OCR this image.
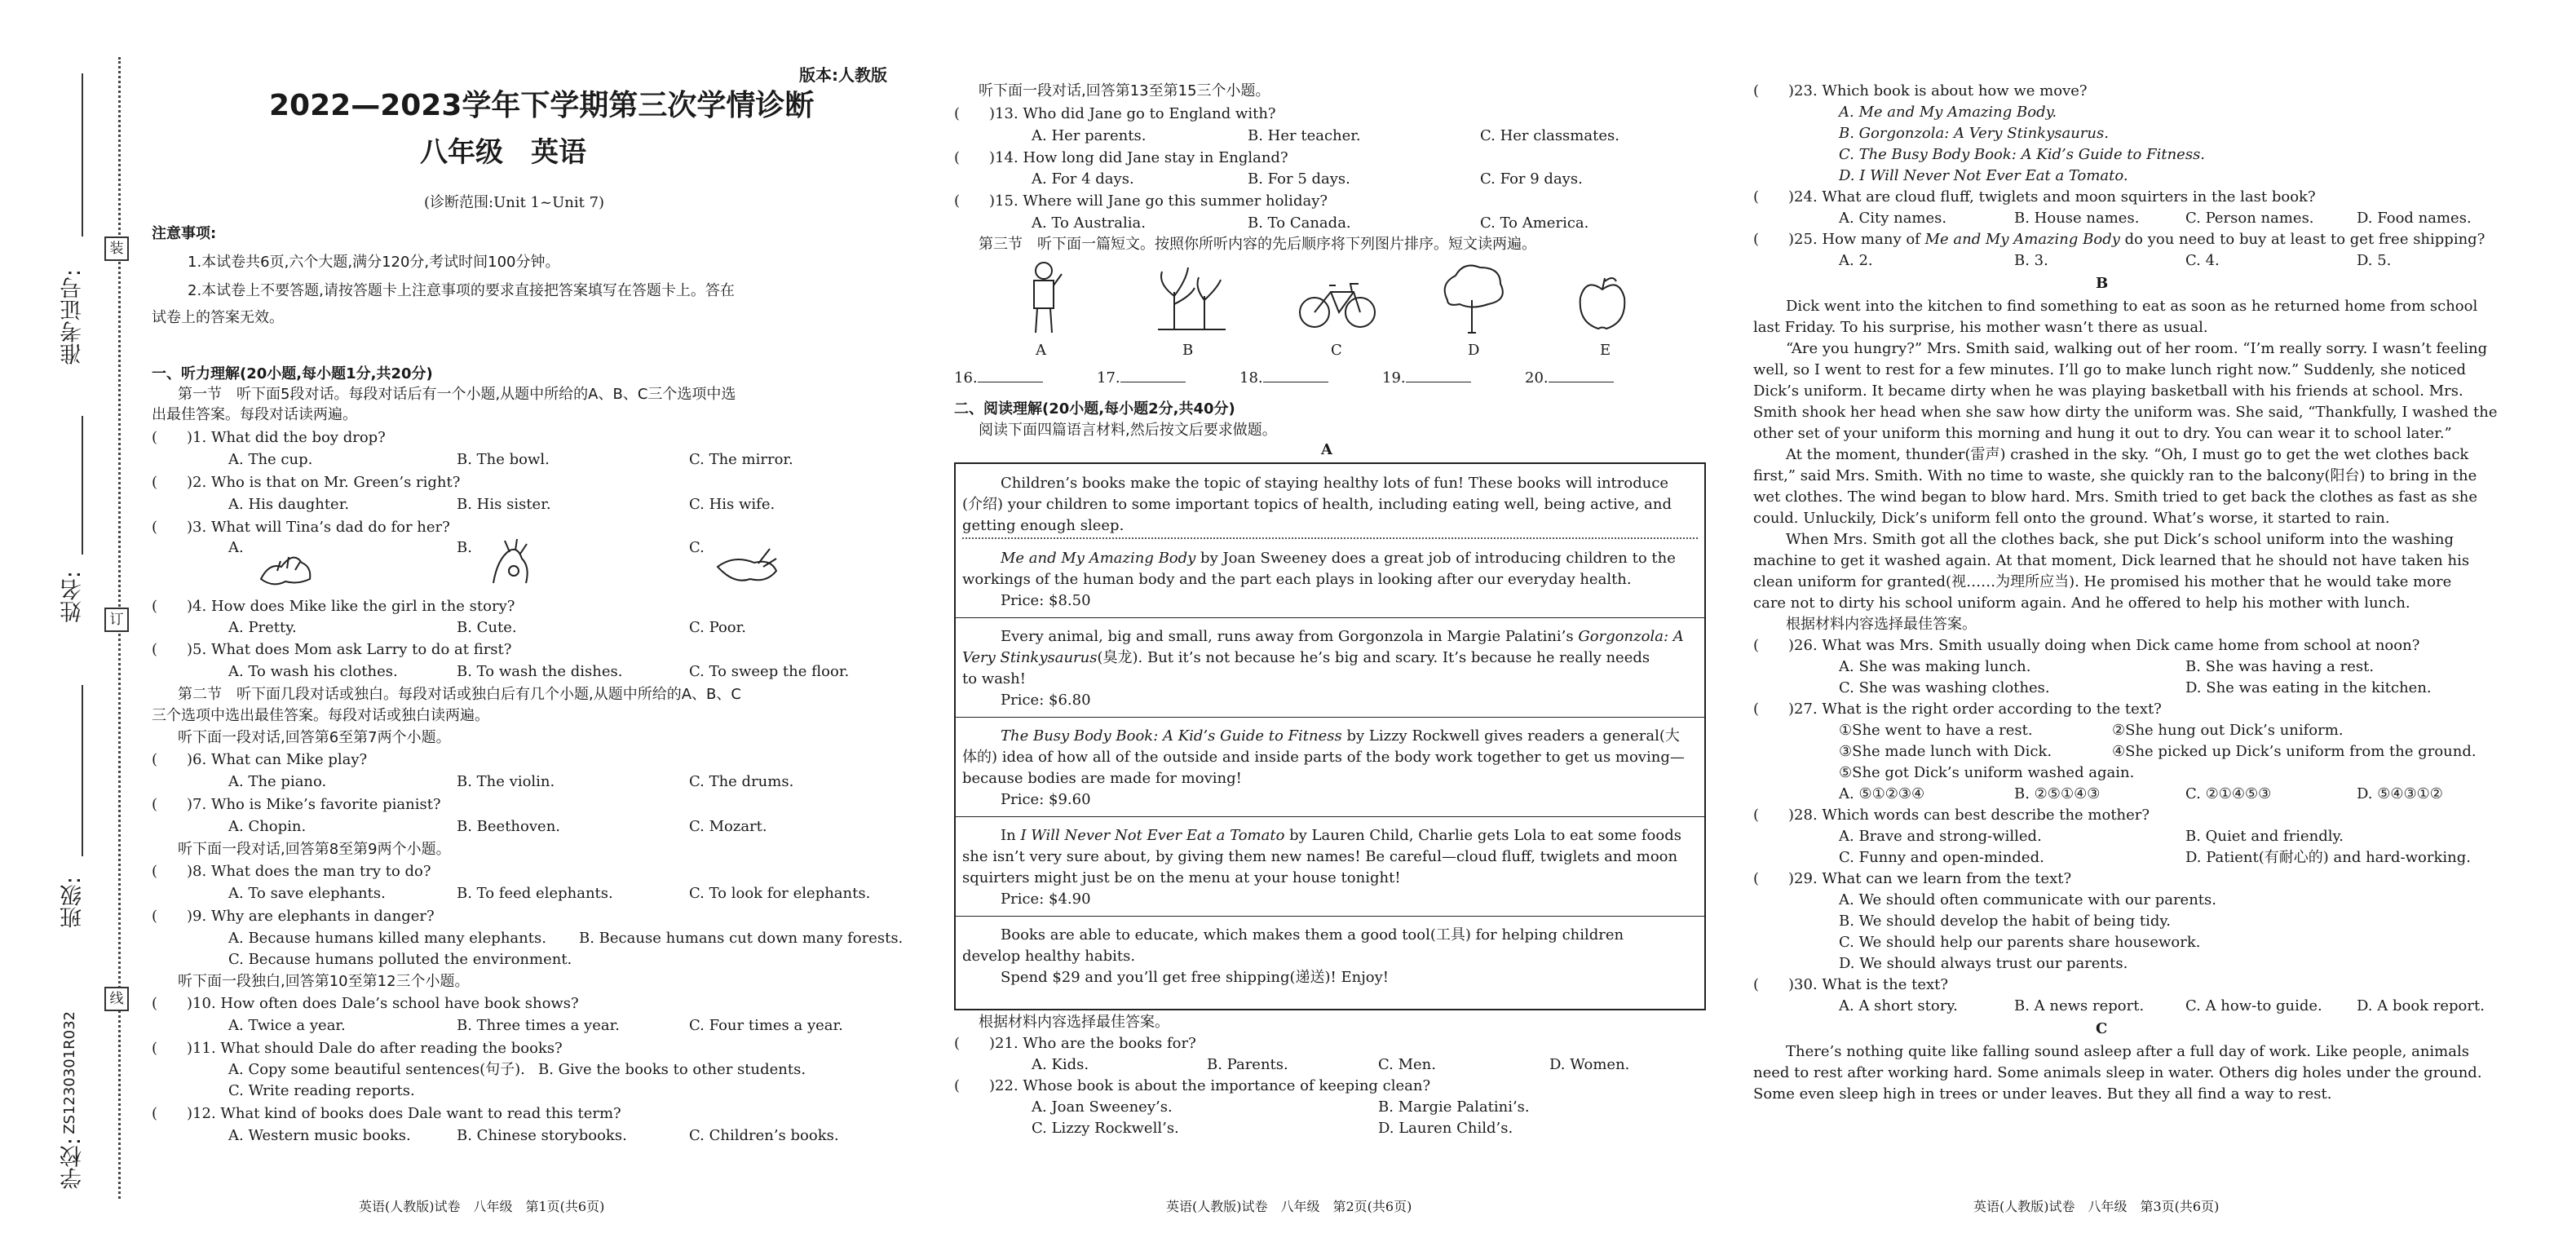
装
订
线
准考证号:
姓名:
班级:
ZS1230301R032
学校:
版本:人教版
2022—2023学年下学期第三次学情诊断
八年级　英语
(诊断范围:Unit 1~Unit 7)
注意事项:
1.本试卷共6页,六个大题,满分120分,考试时间100分钟。
2.本试卷上不要答题,请按答题卡上注意事项的要求直接把答案填写在答题卡上。答在
试卷上的答案无效。
一、听力理解(20小题,每小题1分,共20分)
第一节　听下面5段对话。每段对话后有一个小题,从题中所给的A、B、C三个选项中选
出最佳答案。每段对话读两遍。
(　　)1. What did the boy drop?
A. The cup.	B. The bowl.	C. The mirror.
(　　)2. Who is that on Mr. Green’s right?
A. His daughter.	B. His sister.	C. His wife.
(　　)3. What will Tina’s dad do for her?
A.	B.	C.
(　　)4. How does Mike like the girl in the story?
A. Pretty.	B. Cute.	C. Poor.
(　　)5. What does Mom ask Larry to do at first?
A. To wash his clothes.	B. To wash the dishes.	C. To sweep the floor.
第二节　听下面几段对话或独白。每段对话或独白后有几个小题,从题中所给的A、B、C
三个选项中选出最佳答案。每段对话或独白读两遍。
听下面一段对话,回答第6至第7两个小题。
(　　)6. What can Mike play?
A. The piano.	B. The violin.	C. The drums.
(　　)7. Who is Mike’s favorite pianist?
A. Chopin.	B. Beethoven.	C. Mozart.
听下面一段对话,回答第8至第9两个小题。
(　　)8. What does the man try to do?
A. To save elephants.	B. To feed elephants.	C. To look for elephants.
(　　)9. Why are elephants in danger?
A. Because humans killed many elephants. B. Because humans cut down many forests.
C. Because humans polluted the environment.
听下面一段独白,回答第10至第12三个小题。
(　　)10. How often does Dale’s school have book shows?
A. Twice a year.	B. Three times a year.	C. Four times a year.
(　　)11. What should Dale do after reading the books?
A. Copy some beautiful sentences(句子). B. Give the books to other students.
C. Write reading reports.
(　　)12. What kind of books does Dale want to read this term?
A. Western music books.	B. Chinese storybooks.	C. Children’s books.
英语(人教版)试卷　八年级　第1页(共6页)
听下面一段对话,回答第13至第15三个小题。
(　　)13. Who did Jane go to England with?
A. Her parents.	B. Her teacher.	C. Her classmates.
(　　)14. How long did Jane stay in England?
A. For 4 days.	B. For 5 days.	C. For 9 days.
(　　)15. Where will Jane go this summer holiday?
A. To Australia.	B. To Canada.	C. To America.
第三节　听下面一篇短文。按照你所听内容的先后顺序将下列图片排序。短文读两遍。
A	B	C	D	E
16.	17.	18.	19.	20.
二、阅读理解(20小题,每小题2分,共40分)
阅读下面四篇语言材料,然后按文后要求做题。
A
Children’s books make the topic of staying healthy lots of fun! These books will introduce
(介绍) your children to some important topics of health, including eating well, being active, and
getting enough sleep.
Me and My Amazing Body by Joan Sweeney does a great job of introducing children to the
workings of the human body and the part each plays in looking after our everyday health.
Price: $8.50
Every animal, big and small, runs away from Gorgonzola in Margie Palatini’s Gorgonzola: A
Very Stinkysaurus(臭龙). But it’s not because he’s big and scary. It’s because he really needs
to wash!
Price: $6.80
The Busy Body Book: A Kid’s Guide to Fitness by Lizzy Rockwell gives readers a general(大
体的) idea of how all of the outside and inside parts of the body work together to get us moving—
because bodies are made for moving!
Price: $9.60
In I Will Never Not Ever Eat a Tomato by Lauren Child, Charlie gets Lola to eat some foods
she isn’t very sure about, by giving them new names! Be careful—cloud fluff, twiglets and moon
squirters might just be on the menu at your house tonight!
Price: $4.90
Books are able to educate, which makes them a good tool(工具) for helping children
develop healthy habits.
Spend $29 and you’ll get free shipping(递送)! Enjoy!
根据材料内容选择最佳答案。
(　　)21. Who are the books for?
A. Kids.	B. Parents.	C. Men.	D. Women.
(　　)22. Whose book is about the importance of keeping clean?
A. Joan Sweeney’s.	B. Margie Palatini’s.
C. Lizzy Rockwell’s.	D. Lauren Child’s.
英语(人教版)试卷　八年级　第2页(共6页)
(　　)23. Which book is about how we move?
A. Me and My Amazing Body.
B. Gorgonzola: A Very Stinkysaurus.
C. The Busy Body Book: A Kid’s Guide to Fitness.
D. I Will Never Not Ever Eat a Tomato.
(　　)24. What are cloud fluff, twiglets and moon squirters in the last book?
A. City names.	B. House names.	C. Person names.	D. Food names.
(　　)25. How many of Me and My Amazing Body do you need to buy at least to get free shipping?
A. 2.	B. 3.	C. 4.	D. 5.
B
Dick went into the kitchen to find something to eat as soon as he returned home from school
last Friday. To his surprise, his mother wasn’t there as usual.
“Are you hungry?” Mrs. Smith said, walking out of her room. “I’m really sorry. I wasn’t feeling
well, so I went to rest for a few minutes. I’ll go to make lunch right now.” Suddenly, she noticed
Dick’s uniform. It became dirty when he was playing basketball with his friends at school. Mrs.
Smith shook her head when she saw how dirty the uniform was. She said, “Thankfully, I washed the
other set of your uniform this morning and hung it out to dry. You can wear it to school later.”
At the moment, thunder(雷声) crashed in the sky. “Oh, I must go to get the wet clothes back
first,” said Mrs. Smith. With no time to waste, she quickly ran to the balcony(阳台) to bring in the
wet clothes. The wind began to blow hard. Mrs. Smith tried to get back the clothes as fast as she
could. Unluckily, Dick’s uniform fell onto the ground. What’s worse, it started to rain.
When Mrs. Smith got all the clothes back, she put Dick’s school uniform into the washing
machine to get it washed again. At that moment, Dick learned that he should not have taken his
clean uniform for granted(视……为理所应当). He promised his mother that he would take more
care not to dirty his school uniform again. And he offered to help his mother with lunch.
根据材料内容选择最佳答案。
(　　)26. What was Mrs. Smith usually doing when Dick came home from school at noon?
A. She was making lunch.	B. She was having a rest.
C. She was washing clothes.	D. She was eating in the kitchen.
(　　)27. What is the right order according to the text?
①She went to have a rest.	②She hung out Dick’s uniform.
③She made lunch with Dick.	④She picked up Dick’s uniform from the ground.
⑤She got Dick’s uniform washed again.
A. ⑤①②③④	B. ②⑤①④③	C. ②①④⑤③	D. ⑤④③①②
(　　)28. Which words can best describe the mother?
A. Brave and strong-willed.	B. Quiet and friendly.
C. Funny and open-minded.	D. Patient(有耐心的) and hard-working.
(　　)29. What can we learn from the text?
A. We should often communicate with our parents.
B. We should develop the habit of being tidy.
C. We should help our parents share housework.
D. We should always trust our parents.
(　　)30. What is the text?
A. A short story.	B. A news report.	C. A how-to guide. D. A book report.
C
There’s nothing quite like falling sound asleep after a full day of work. Like people, animals
need to rest after working hard. Some animals sleep in water. Others dig holes under the ground.
Some even sleep high in trees or under leaves. But they all find a way to rest.
英语(人教版)试卷　八年级　第3页(共6页)
